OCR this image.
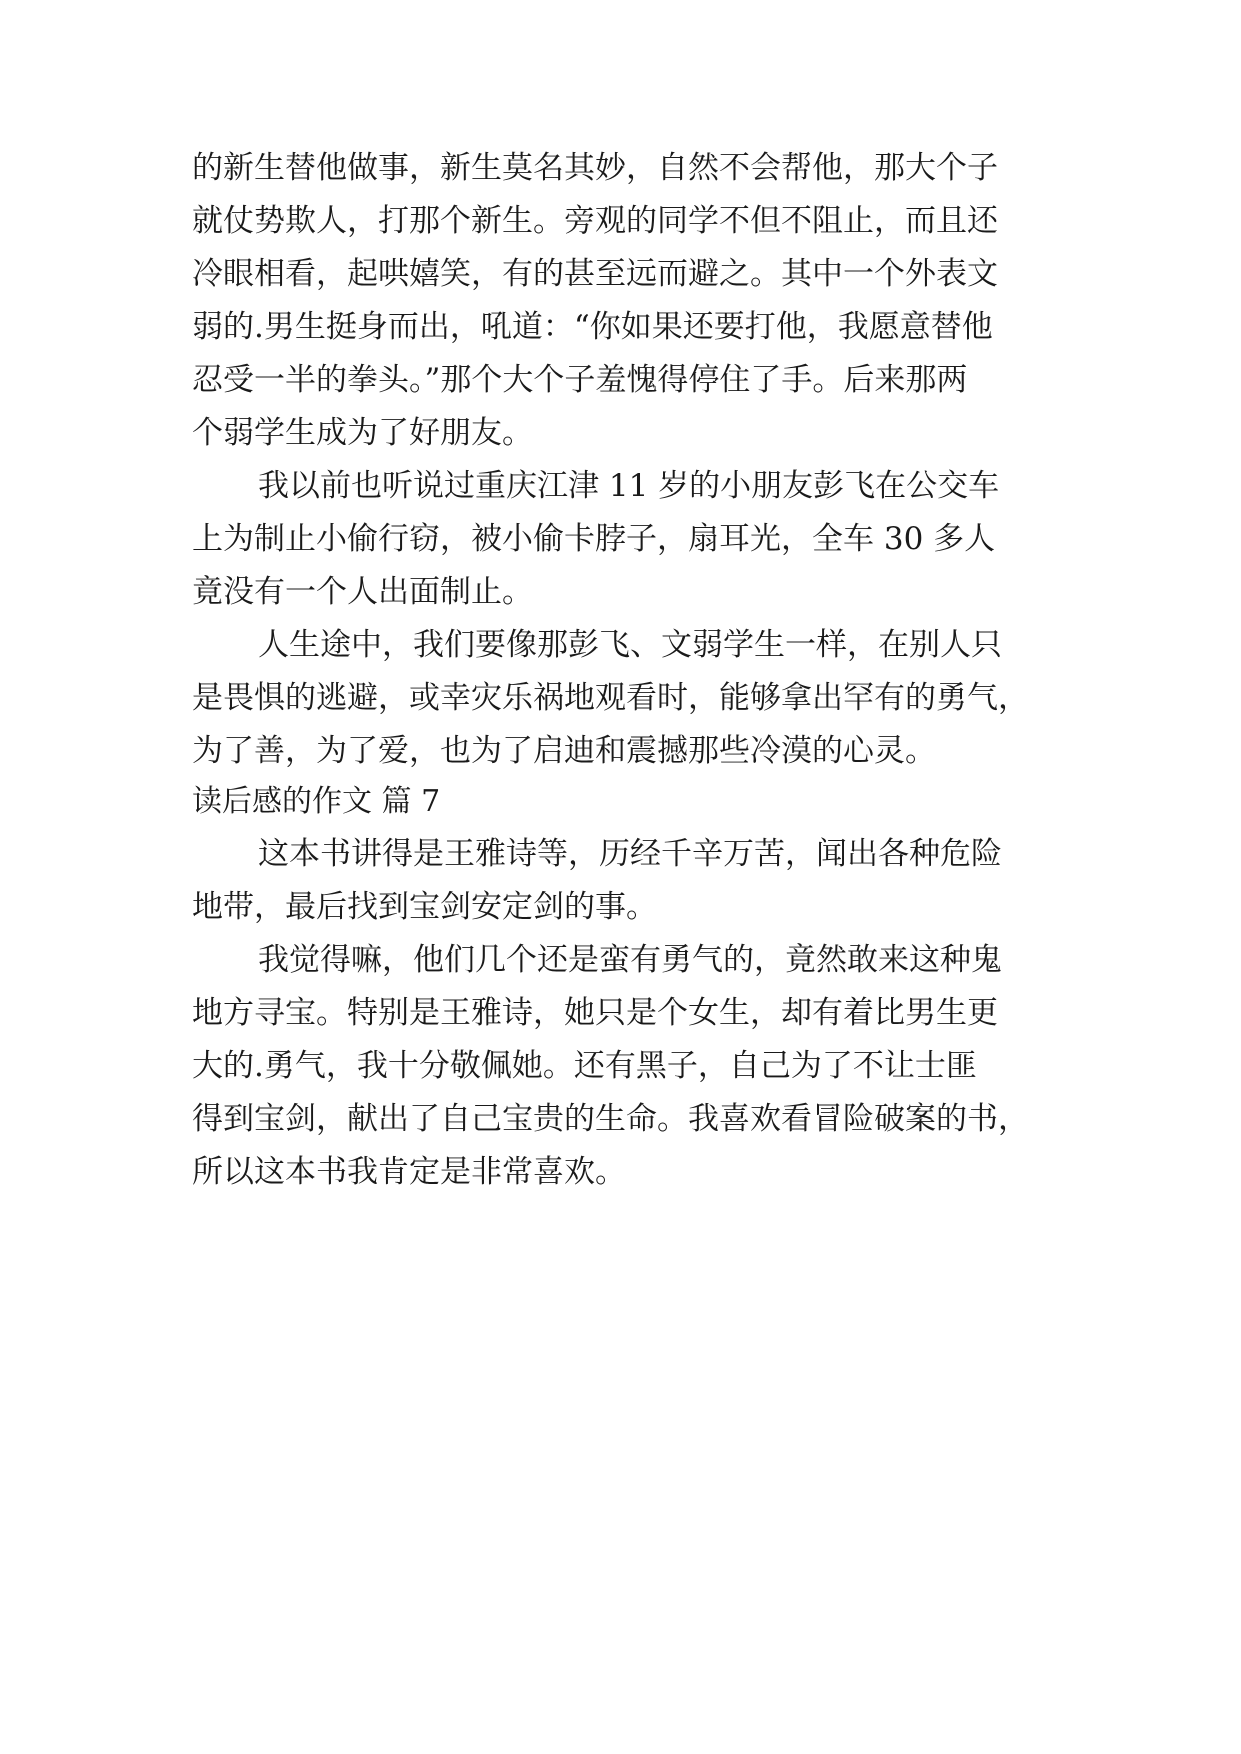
的新生替他做事，新生莫名其妙，自然不会帮他，那大个子
就仗势欺人，打那个新生。旁观的同学不但不阻止，而且还
冷眼相看，起哄嬉笑，有的甚至远而避之。其中一个外表文
弱的.男生挺身而出，吼道：“你如果还要打他，我愿意替他
忍受一半的拳头。”那个大个子羞愧得停住了手。后来那两
个弱学生成为了好朋友。
我以前也听说过重庆江津 11 岁的小朋友彭飞在公交车
上为制止小偷行窃，被小偷卡脖子，扇耳光，全车 30 多人
竟没有一个人出面制止。
人生途中，我们要像那彭飞、文弱学生一样，在别人只
是畏惧的逃避，或幸灾乐祸地观看时，能够拿出罕有的勇气，
为了善，为了爱，也为了启迪和震撼那些冷漠的心灵。
读后感的作文 篇 7
这本书讲得是王雅诗等，历经千辛万苦，闻出各种危险
地带，最后找到宝剑安定剑的事。
我觉得嘛，他们几个还是蛮有勇气的，竟然敢来这种鬼
地方寻宝。特别是王雅诗，她只是个女生，却有着比男生更
大的.勇气，我十分敬佩她。还有黑子，自己为了不让士匪
得到宝剑，献出了自己宝贵的生命。我喜欢看冒险破案的书，
所以这本书我肯定是非常喜欢。
